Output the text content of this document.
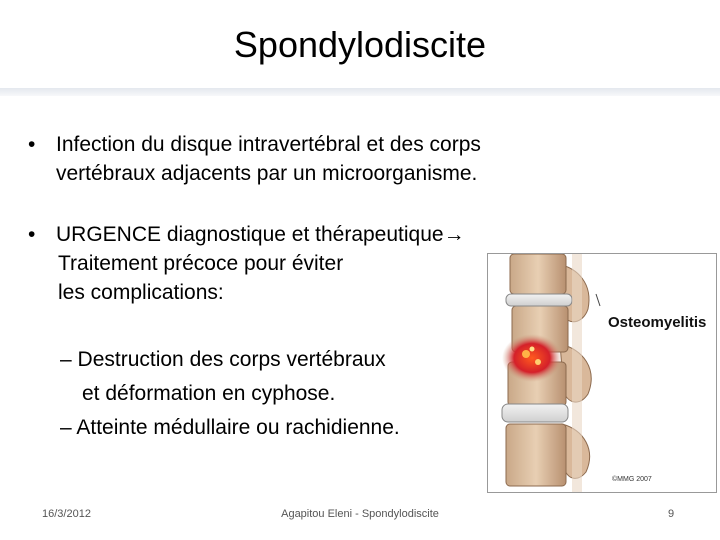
Spondylodiscite
• Infection du disque intravertébral et des corps
vertébraux adjacents par un microorganisme.
• URGENCE diagnostique et thérapeutique→
Traitement précoce pour éviter
les complications:
– Destruction des corps vertébraux
et déformation en cyphose.
– Atteinte médullaire ou rachidienne.
Osteomyelitis
©MMG 2007
16/3/2012	Agapitou Eleni - Spondylodiscite	9
